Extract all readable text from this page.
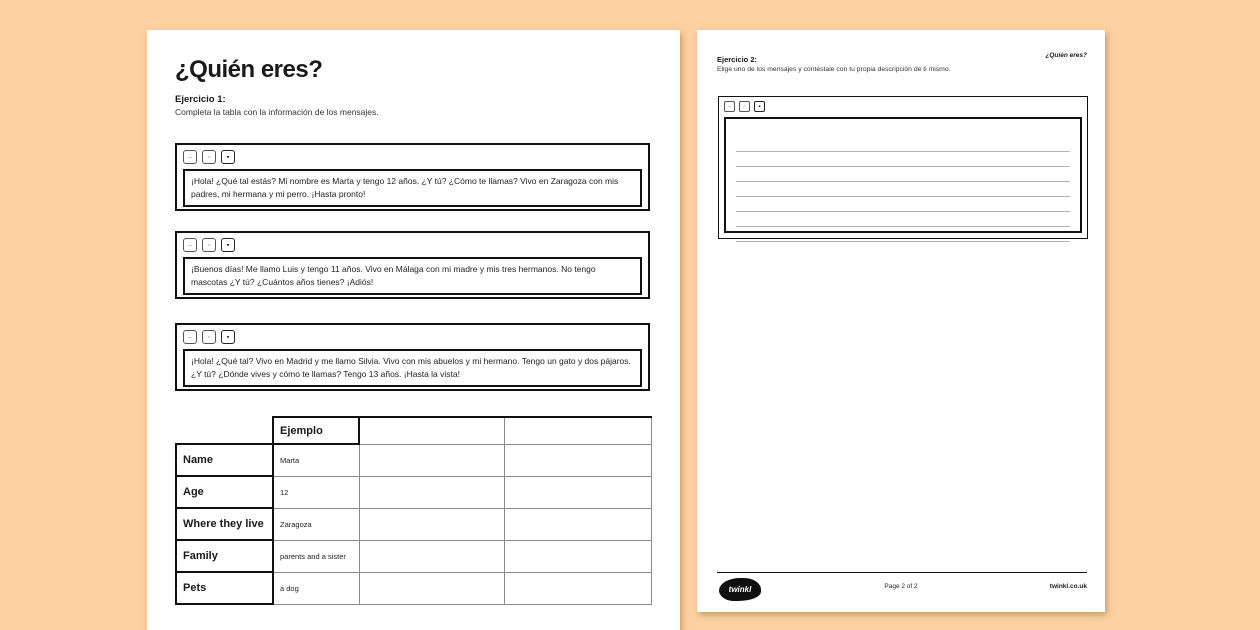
¿Quién eres?
Ejercicio 1:
Completa la tabla con la información de los mensajes.
–	▫	▪
¡Hola! ¿Qué tal estás? Mi nombre es Marta y tengo 12 años. ¿Y tú? ¿Cómo te llamas? Vivo en Zaragoza con mis padres, mi hermana y mi perro. ¡Hasta pronto!
–	▫	▪
¡Buenos días! Me llamo Luis y tengo 11 años. Vivo en Málaga con mi madre y mis tres hermanos. No tengo mascotas ¿Y tú? ¿Cuántos años tienes? ¡Adiós!
–	▫	▪
¡Hola! ¿Qué tal? Vivo en Madrid y me llamo Silvia. Vivo con mis abuelos y mi hermano. Tengo un gato y dos pájaros. ¿Y tú? ¿Dónde vives y cómo te llamas? Tengo 13 años. ¡Hasta la vista!
	Ejemplo		
Name	Marta		
Age	12		
Where they live	Zaragoza		
Family	parents and a sister		
Pets	a dog		
¿Quién eres?
Ejercicio 2:
Elige uno de los mensajes y contéstale con tu propia descripción de ti mismo.
–	▫	▪
twinkl	Page 2 of 2	twinkl.co.uk
